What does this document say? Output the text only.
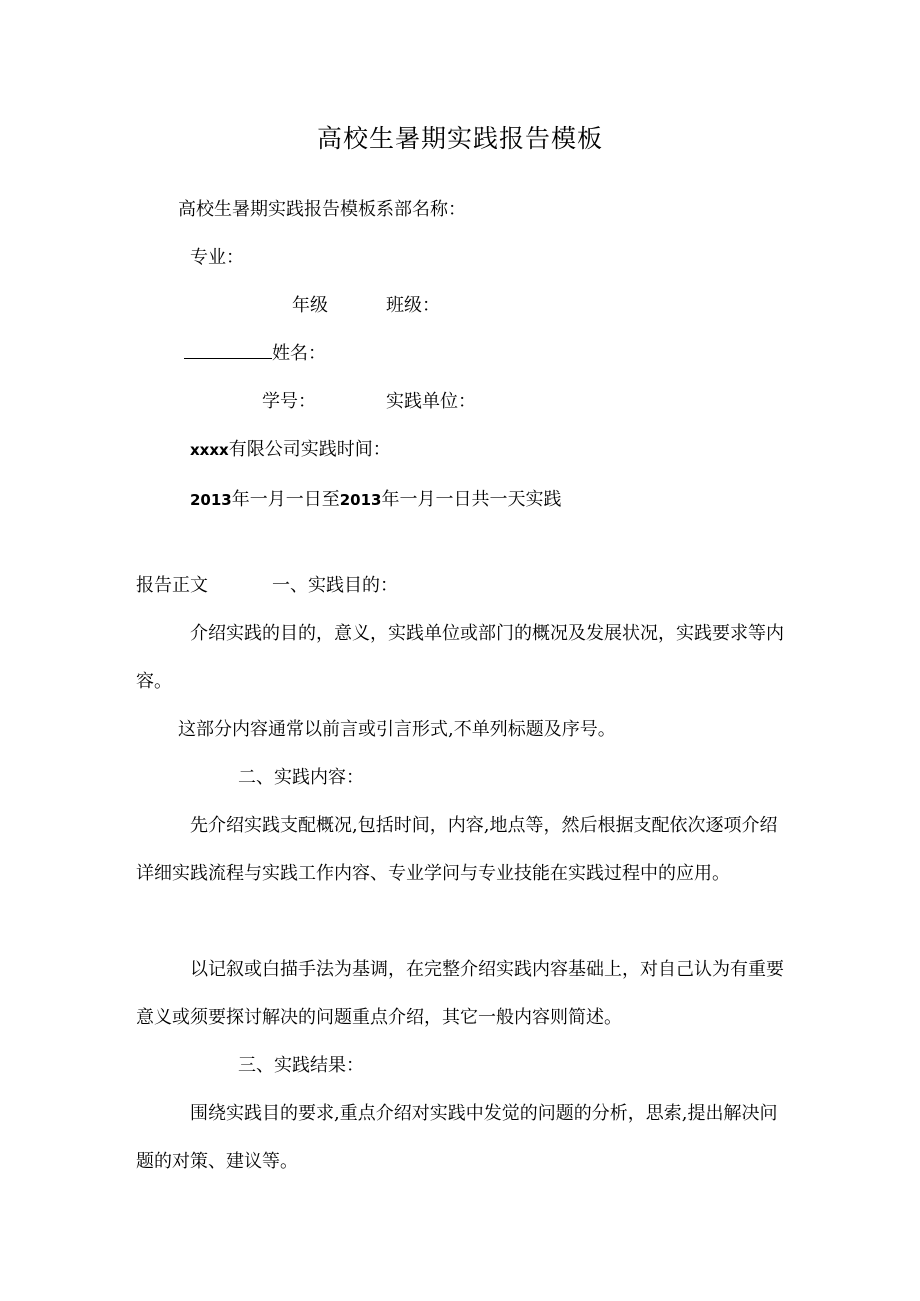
高校生暑期实践报告模板
高校生暑期实践报告模板系部名称：
专业：
年级	班级：
姓名：
学号：	实践单位：
xxxx有限公司实践时间：
2013年一月一日至2013年一月一日共一天实践
报告正文	一、实践目的：
介绍实践的目的，意义，实践单位或部门的概况及发展状况，实践要求等内容。
这部分内容通常以前言或引言形式,不单列标题及序号。
二、实践内容：
先介绍实践支配概况,包括时间，内容,地点等，然后根据支配依次逐项介绍详细实践流程与实践工作内容、专业学问与专业技能在实践过程中的应用。
以记叙或白描手法为基调，在完整介绍实践内容基础上，对自己认为有重要意义或须要探讨解决的问题重点介绍，其它一般内容则简述。
三、实践结果：
围绕实践目的要求,重点介绍对实践中发觉的问题的分析，思索,提出解决问题的对策、建议等。
